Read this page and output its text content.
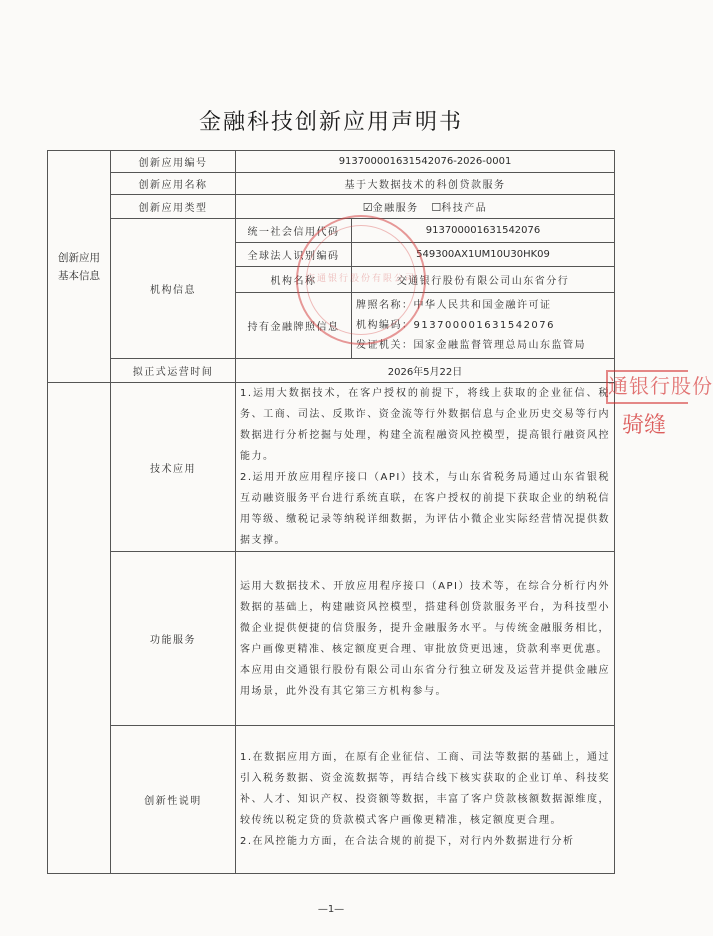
金融科技创新应用声明书
创新应用基本信息	创新应用编号	913700001631542076-2026-0001	
	创新应用名称	基于大数据技术的科创贷款服务	
	创新应用类型	☑金融服务 ☐科技产品	
	机构信息	统一社会信用代码	913700001631542076
		全球法人识别编码	549300AX1UM10U30HK09
		机构名称	交通银行股份有限公司山东省分行
		持有金融牌照信息	牌照名称：中华人民共和国金融许可证
机构编码：913700001631542076
发证机关：国家金融监督管理总局山东监管局

	拟正式运营时间	2026年5月22日	
	技术应用	1.运用大数据技术，在客户授权的前提下，将线上获取的企业征信、税务、工商、司法、反欺诈、资金流等行外数据信息与企业历史交易等行内数据进行分析挖掘与处理，构建全流程融资风控模型，提高银行融资风控能力。

2.运用开放应用程序接口（API）技术，与山东省税务局通过山东省银税互动融资服务平台进行系统直联，在客户授权的前提下获取企业的纳税信用等级、缴税记录等纳税详细数据，为评估小微企业实际经营情况提供数据支撑。	

	功能服务	运用大数据技术、开放应用程序接口（API）技术等，在综合分析行内外数据的基础上，构建融资风控模型，搭建科创贷款服务平台，为科技型小微企业提供便捷的信贷服务，提升金融服务水平。与传统金融服务相比，客户画像更精准、核定额度更合理、审批放贷更迅速，贷款利率更优惠。

本应用由交通银行股份有限公司山东省分行独立研发及运营并提供金融应用场景，此外没有其它第三方机构参与。	

	创新性说明	1.在数据应用方面，在原有企业征信、工商、司法等数据的基础上，通过引入税务数据、资金流数据等，再结合线下核实获取的企业订单、科技奖补、人才、知识产权、投资额等数据，丰富了客户贷款核额数据源维度，较传统以税定贷的贷款模式客户画像更精准，核定额度更合理。

2.在风控能力方面，在合法合规的前提下，对行内外数据进行分析	

交通银行股份有限公司
通银行股份
骑缝
—1—
